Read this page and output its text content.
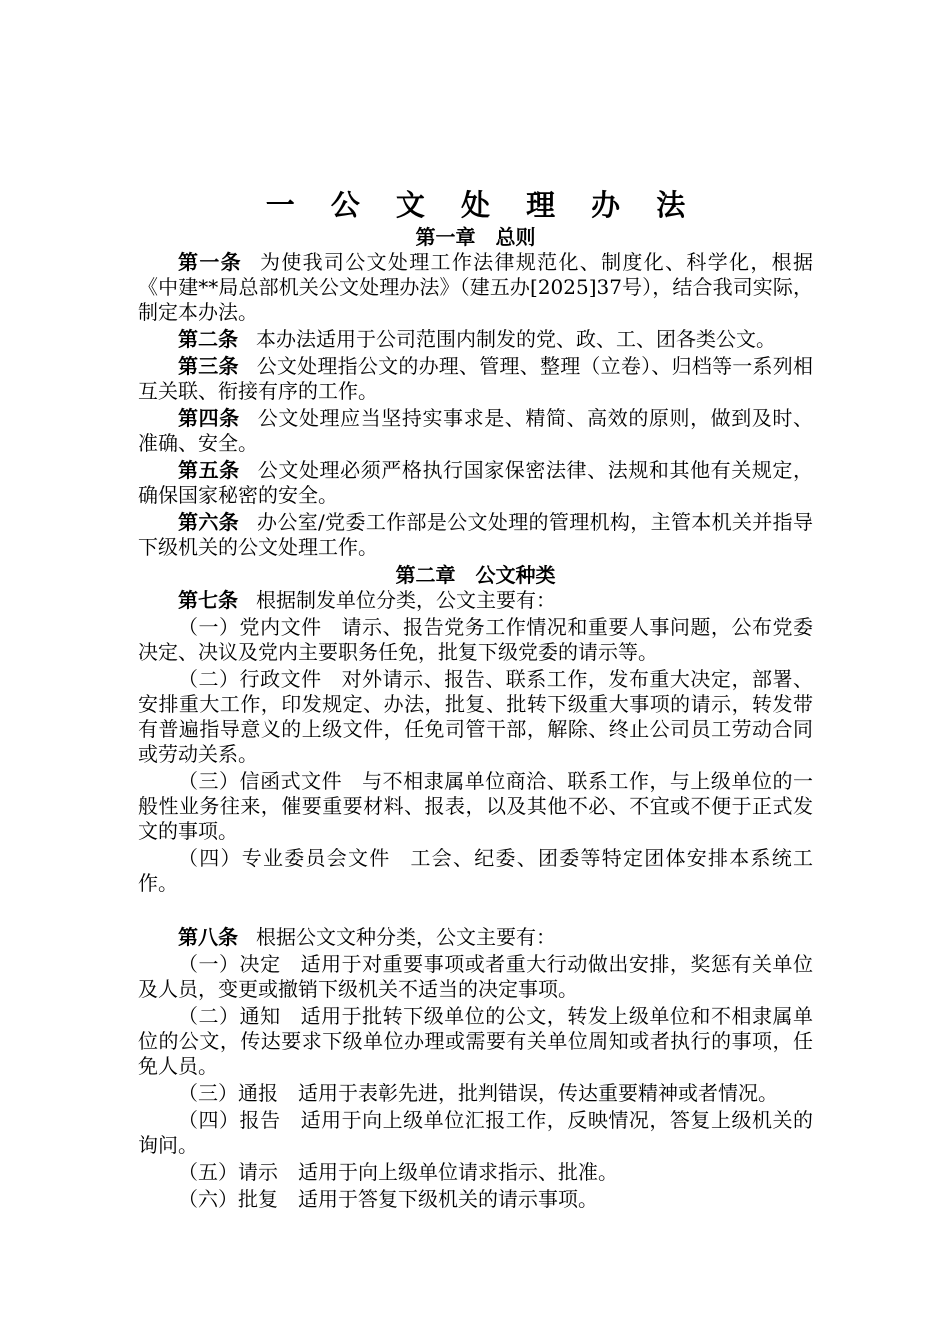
一 公 文 处 理 办 法
第一章　总则

第一条 为使我司公文处理工作法律规范化、制度化、科学化，根据《中建**局总部机关公文处理办法》（建五办[2025]37号），结合我司实际，制定本办法。

第二条 本办法适用于公司范围内制发的党、政、工、团各类公文。

第三条 公文处理指公文的办理、管理、整理（立卷）、归档等一系列相互关联、衔接有序的工作。

第四条 公文处理应当坚持实事求是、精简、高效的原则，做到及时、准确、安全。

第五条 公文处理必须严格执行国家保密法律、法规和其他有关规定，确保国家秘密的安全。

第六条 办公室/党委工作部是公文处理的管理机构，主管本机关并指导下级机关的公文处理工作。

第二章　公文种类

第七条 根据制发单位分类，公文主要有：

（一）党内文件 请示、报告党务工作情况和重要人事问题，公布党委决定、决议及党内主要职务任免，批复下级党委的请示等。

（二）行政文件 对外请示、报告、联系工作，发布重大决定，部署、安排重大工作，印发规定、办法，批复、批转下级重大事项的请示，转发带有普遍指导意义的上级文件，任免司管干部，解除、终止公司员工劳动合同或劳动关系。

（三）信函式文件 与不相隶属单位商洽、联系工作，与上级单位的一般性业务往来，催要重要材料、报表，以及其他不必、不宜或不便于正式发文的事项。

（四）专业委员会文件 工会、纪委、团委等特定团体安排本系统工作。

第八条 根据公文文种分类，公文主要有：

（一）决定 适用于对重要事项或者重大行动做出安排，奖惩有关单位及人员，变更或撤销下级机关不适当的决定事项。

（二）通知 适用于批转下级单位的公文，转发上级单位和不相隶属单位的公文，传达要求下级单位办理或需要有关单位周知或者执行的事项，任免人员。

（三）通报 适用于表彰先进，批判错误，传达重要精神或者情况。

（四）报告 适用于向上级单位汇报工作，反映情况，答复上级机关的询问。

（五）请示 适用于向上级单位请求指示、批准。

（六）批复 适用于答复下级机关的请示事项。
